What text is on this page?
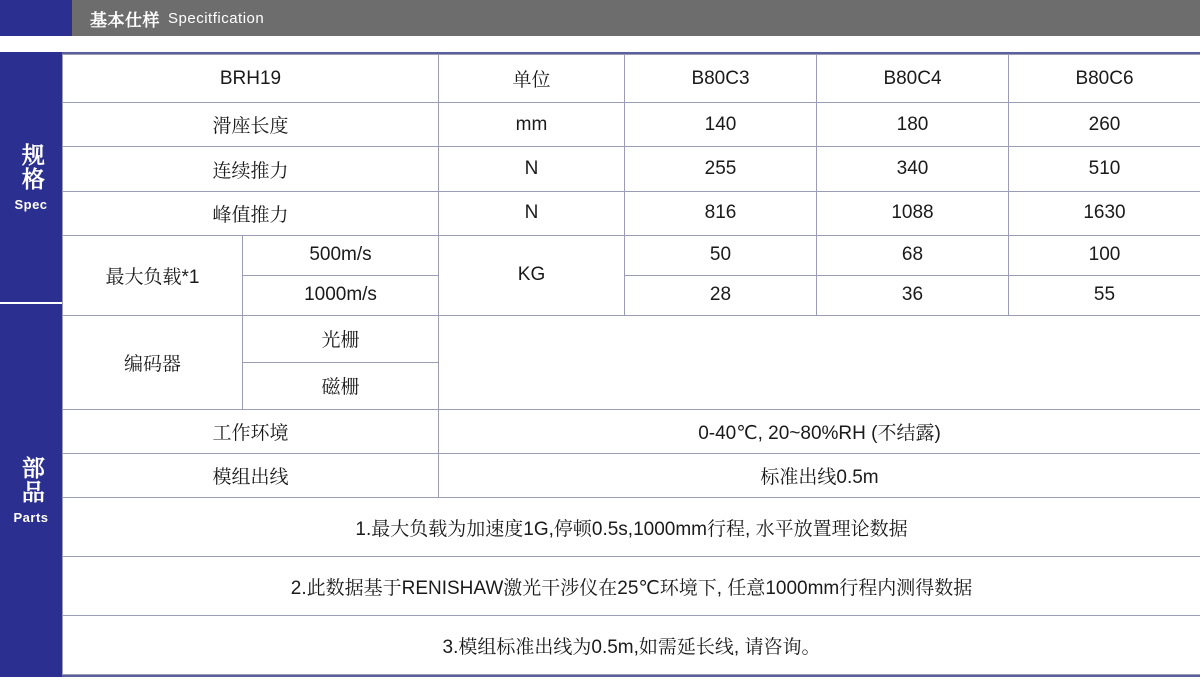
基本仕样 Specitfication
规格
Spec
部品
Parts
BRH19		单位	B80C3	B80C4	B80C6
滑座长度		mm	140	180	260
连续推力		N	255	340	510
峰值推力		N	816	1088	1630
最大负载*1	500m/s	KG	50	68	100
	1000m/s		28	36	55
编码器	光栅				
	磁栅				
工作环境		0-40℃, 20~80%RH (不结露)			
模组出线		标准出线0.5m			
1.最大负载为加速度1G,停顿0.5s,1000mm行程, 水平放置理论数据					
2.此数据基于RENISHAW激光干涉仪在25℃环境下, 任意1000mm行程内测得数据					
3.模组标准出线为0.5m,如需延长线, 请咨询。					
